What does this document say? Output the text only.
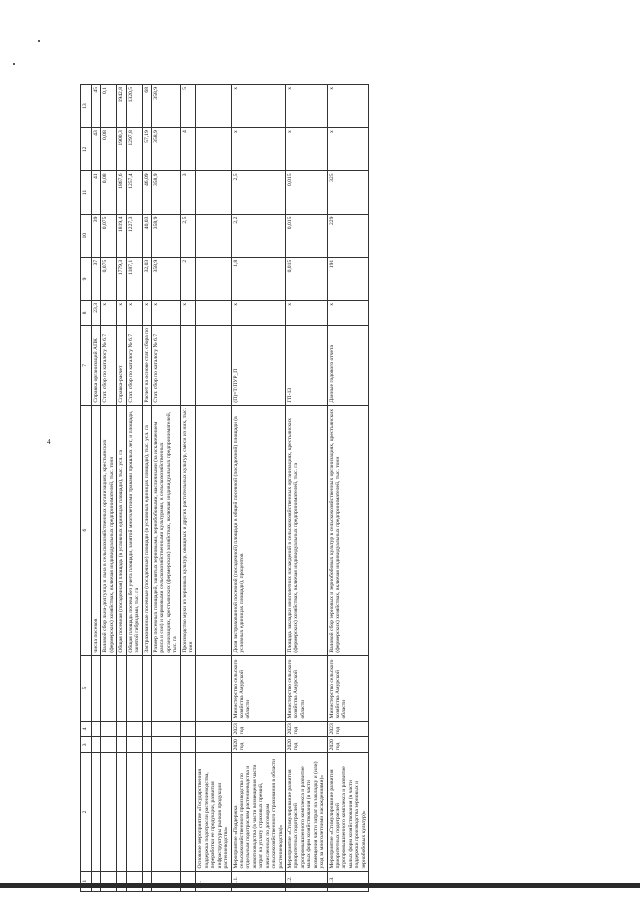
4
1	2	3	4	5	6	7	8	9	10	11	12	13
					числа посевов	Справка организаций АПК	23,3	37	39	41	43	45
					Валовой сбор льна-долгунца и льна в сельскохозяйственных организациях, крестьянских (фермерских) хозяйствах, включая индивидуальных предпринимателей, тыс. тонн	Стат. сбор по каталогу № 6.7	x	0,075	0,075	0,08	0,08	0,1
					Общая посевная (посадочная) площадь (в условных единицах площади), тыс. усл. га	Справка-расчет	x	1779,3	1819,4	1867,6	1900,3	1942,8
					Общая площадь посева без учета площади, занятой многолетними травами прошлых лет, и площади, занятой гибридами, тыс. га	Стат. сбор по каталогу № 6.7	x	1187,1	1227,3	1257,4	1297,8	1320,5
					Застрахованные посевные (посадочные) площади (в условных единицах площади), тыс. усл. га	Расчет на основе стат. сбора по	x	32,03	40,03	46,09	57,19	68
					Размер посевных площадей, занятых зерновыми, зернобобовыми, масличными (за исключением рапса и сои) и кормовыми сельскохозяйственными культурами, в сельскохозяйственных организациях, крестьянских (фермерских) хозяйствах, включая индивидуальных предпринимателей, тыс. га	Стат. сбор по каталогу № 6.7	x	358,9	358,9	358,9	358,9	358,9
					Производство муки из зерновых культур, овощных и других растительных культур, смеси из них, тыс. тонн		x	2	2,5	3	4	5
	Основное мероприятие «Государственная поддержка подотрасли растениеводства, переработки ее продукции, развития инфраструктуры рынков продукции растениеводства»											
	Мероприятие «Поддержка сельскохозяйственного производства по отдельным подотраслям растениеводства и животноводства (в части возмещения части затрат на уплату страховых премий, начисленных по договорам сельскохозяйственного страхования в области растениеводства)»	2020 год	2023 год	Министерство сельского хозяйства Амурской области	Доля застрахованной посевной (посадочной) площади в общей посевной (посадочной) площади (в условных единицах площади), процентов	(П)=Т/ПУР_П	x	1,8	2,2	2,5	x	x
	Мероприятие «Стимулирование развития приоритетных подотраслей агропромышленного комплекса и развитие малых форм хозяйствования (в части возмещения части затрат на закладку и (или) уход за многолетними насаждениями)»	2020 год	2023 год	Министерство сельского хозяйства Амурской области	Площадь закладки многолетних насаждений в сельскохозяйственных организациях, крестьянских (фермерских) хозяйствах, включая индивидуальных предпринимателей, тыс. га	ГП-13	x	0,015	0,015	0,015	x	x
	Мероприятие «Стимулирование развития приоритетных подотраслей агропромышленного комплекса и развитие малых форм хозяйствования (в части поддержки производства зерновых и зернобобовых культур)»	2020 год	2023 год	Министерство сельского хозяйства Амурской области	Валовой сбор зерновых и зернобобовых культур в сельскохозяйственных организациях, крестьянских (фермерских) хозяйствах, включая индивидуальных предпринимателей, тыс. тонн	Данные годового отчета	x	191	229	325	x	x
